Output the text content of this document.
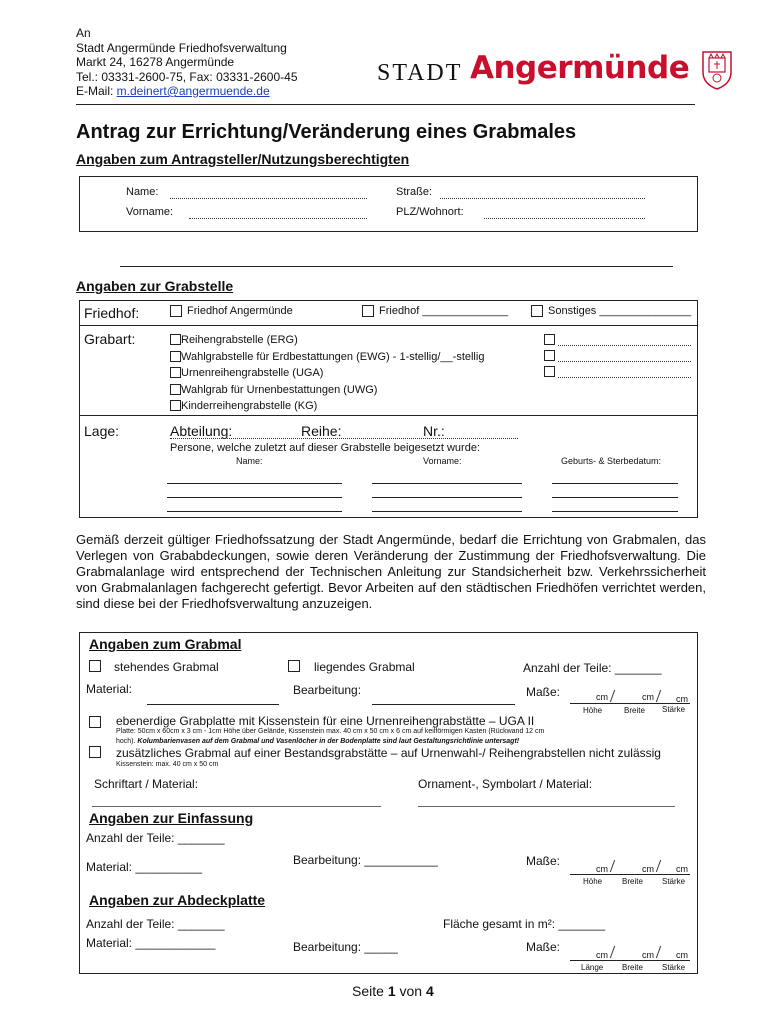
An
Stadt Angermünde Friedhofsverwaltung
Markt 24, 16278 Angermünde
Tel.: 03331-2600-75, Fax: 03331-2600-45
E-Mail: m.deinert@angermuende.de
STADT Angermünde
Antrag zur Errichtung/Veränderung eines Grabmales
Angaben zum Antragsteller/Nutzungsberechtigten
Name:	Straße:
Vorname:	PLZ/Wohnort:
Angaben zur Grabstelle
Friedhof:	Friedhof Angermünde	Friedhof ______________	Sonstiges _______________
Grabart:	Reihengrabstelle (ERG)
Wahlgrabstelle für Erdbestattungen (EWG) - 1-stellig/__-stellig
Urnenreihengrabstelle (UGA)
Wahlgrab für Urnenbestattungen (UWG)
Kinderreihengrabstelle (KG)
Lage:	Abteilung:	Reihe:	Nr.:
Persone, welche zuletzt auf dieser Grabstelle beigesetzt wurde:
Name:	Vorname:	Geburts- & Sterbedatum:
Gemäß derzeit gültiger Friedhofssatzung der Stadt Angermünde, bedarf die Errichtung von Grabmalen, das Verlegen von Grababdeckungen, sowie deren Veränderung der Zustimmung der Friedhofsverwaltung. Die Grabmalanlage wird entsprechend der Technischen Anleitung zur Standsicherheit bzw. Verkehrssicherheit von Grabmalanlagen fachgerecht gefertigt. Bevor Arbeiten auf den städtischen Friedhöfen verrichtet werden, sind diese bei der Friedhofsverwaltung anzuzeigen.
Angaben zum Grabmal
stehendes Grabmal	liegendes Grabmal	Anzahl der Teile: _______
Material:	Bearbeitung:	Maße:	cm	cm cm
Höhe	Breite Stärke
ebenerdige Grabplatte mit Kissenstein für eine Urnenreihengrabstätte – UGA II
Platte: 50cm x 60cm x 3 cm - 1cm Höhe über Gelände, Kissenstein max. 40 cm x 50 cm x 6 cm auf keilförmigen Kasten (Rückwand 12 cm
hoch). Kolumbarienvasen auf dem Grabmal und Vasenlöcher in der Bodenplatte sind laut Gestaltungsrichtlinie untersagt!
zusätzliches Grabmal auf einer Bestandsgrabstätte – auf Urnenwahl-/ Reihengrabstellen nicht zulässig
Kissenstein: max. 40 cm x 50 cm
Schriftart / Material:	Ornament-, Symbolart / Material:
Angaben zur Einfassung
Anzahl der Teile: _______
Material: __________	Bearbeitung: ___________	Maße:
cm	cm cm
Höhe Breite Stärke
Angaben zur Abdeckplatte
Anzahl der Teile: _______	Fläche gesamt in m²: _______
Material: ____________	Bearbeitung: _____	Maße:
cm	cm cm
Länge Breite Stärke
Seite 1 von 4
